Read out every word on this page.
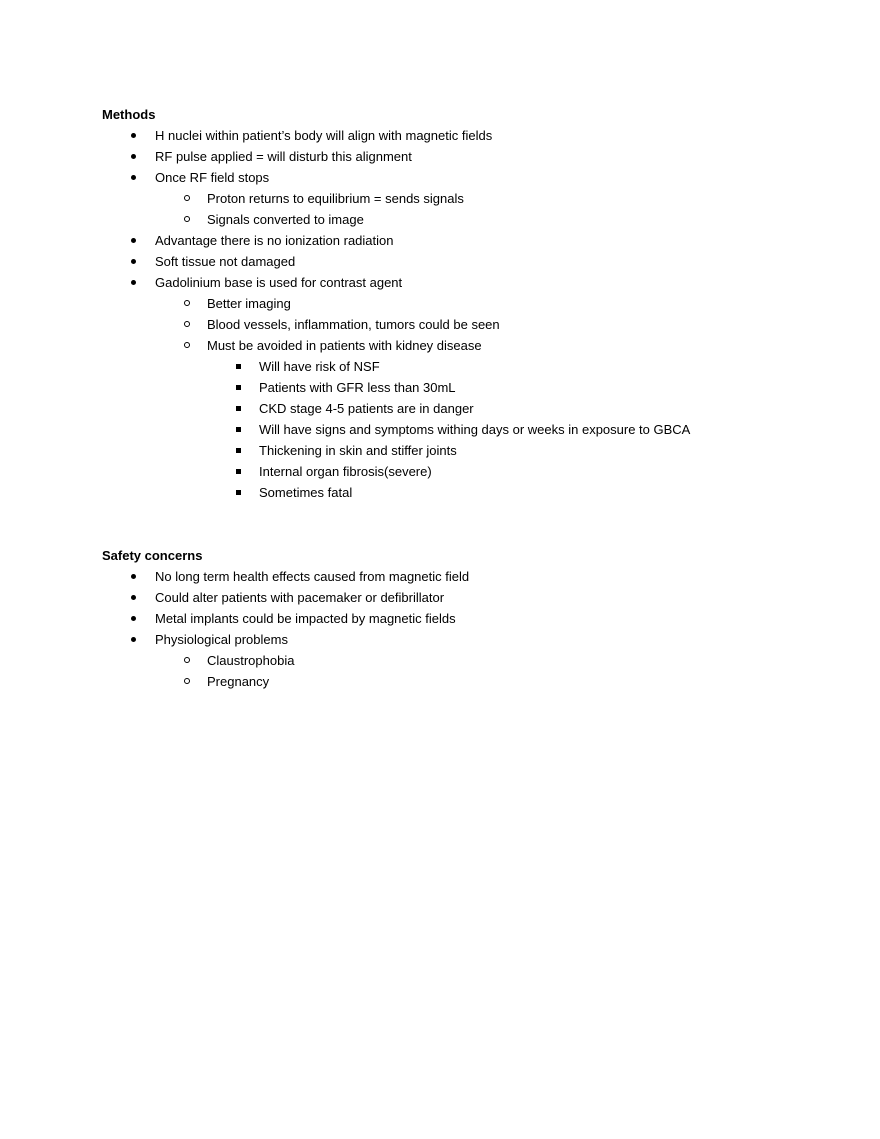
Methods
H nuclei within patient’s body will align with magnetic fields
RF pulse applied = will disturb this alignment
Once RF field stops
Proton returns to equilibrium = sends signals
Signals converted to image
Advantage there is no ionization radiation
Soft tissue not damaged
Gadolinium base is used for contrast agent
Better imaging
Blood vessels, inflammation, tumors could be seen
Must be avoided in patients with kidney disease
Will have risk of NSF
Patients with GFR less than 30mL
CKD stage 4-5 patients are in danger
Will have signs and symptoms withing days or weeks in exposure to GBCA
Thickening in skin and stiffer joints
Internal organ fibrosis(severe)
Sometimes fatal
Safety concerns
No long term health effects caused from magnetic field
Could alter patients with pacemaker or defibrillator
Metal implants could be impacted by magnetic fields
Physiological problems
Claustrophobia
Pregnancy
